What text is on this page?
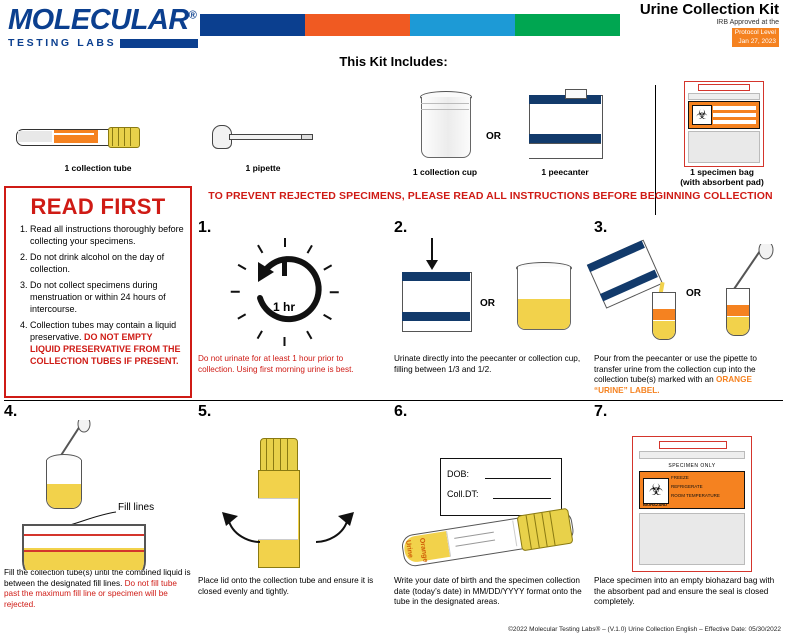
MOLECULAR®
TESTING LABS
Urine Collection Kit
IRB Approved at the
Protocol Level
Jan 27, 2023
This Kit Includes:
1 collection tube	1 pipette	1 collection cup
OR
1 peecanter
☣
1 specimen bag
(with absorbent pad)
TO PREVENT REJECTED SPECIMENS, PLEASE READ ALL INSTRUCTIONS BEFORE BEGINNING COLLECTION
READ FIRST
1. Read all instructions thoroughly before collecting your specimens.
2. Do not drink alcohol on the day of collection.
3. Do not collect specimens during menstruation or within 24 hours of intercourse.
4. Collection tubes may contain a liquid preservative. DO NOT EMPTY LIQUID PRESERVATIVE FROM THE COLLECTION TUBES IF PRESENT.
1.
1 hr
Do not urinate for at least 1 hour prior to collection. Using first morning urine is best.
2.
OR
Urinate directly into the peecanter or collection cup, filling between 1/3 and 1/2.
3.
OR
Pour from the peecanter or use the pipette to transfer urine from the collection cup into the collection tube(s) marked with an ORANGE “URINE” LABEL.
4.
Fill lines
Fill the collection tube(s) until the combined liquid is between the designated fill lines. Do not fill tube past the maximum fill line or specimen will be rejected.
5.
Place lid onto the collection tube and ensure it is closed evenly and tightly.
6.
DOB:
Coll.DT:
Urine Orange
Write your date of birth and the specimen collection date (today’s date) in MM/DD/YYYY format onto the tube in the designated areas.
7.
SPECIMEN ONLY
☣
FREEZE
REFRIGERATE
ROOM TEMPERATURE
BIOHAZARD
Place specimen into an empty biohazard bag with the absorbent pad and ensure the seal is closed completely.
©2022 Molecular Testing Labs® – (V.1.0) Urine Collection English – Effective Date: 05/30/2022
